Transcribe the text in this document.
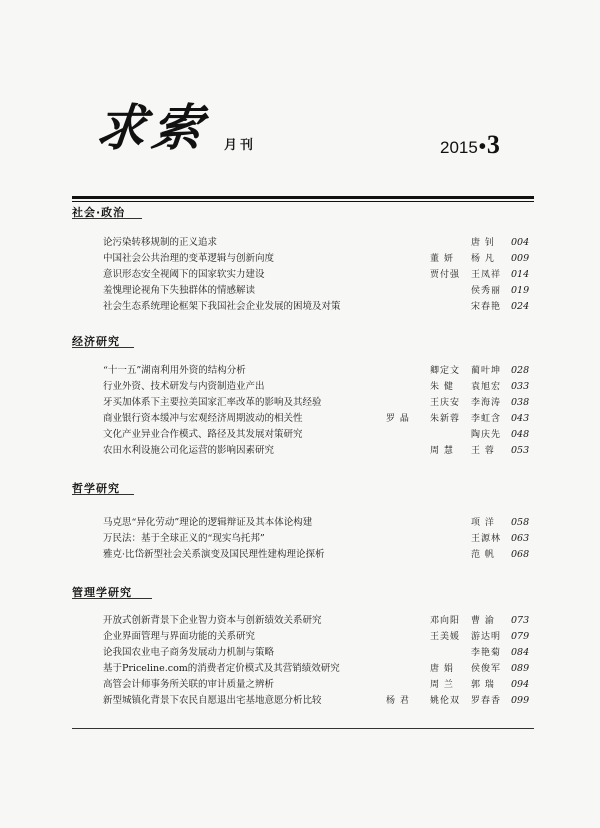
求索 月刊	2015•3
社会·政治
论污染转移规制的正义追求	唐 钊 004
中国社会公共治理的变革逻辑与创新向度	董 妍 杨 凡 009
意识形态安全视阈下的国家软实力建设	贾付强 王凤祥 014
羞愧理论视角下失独群体的情感解读	侯秀丽 019
社会生态系统理论框架下我国社会企业发展的困境及对策	宋春艳 024
经济研究
“十一五”湖南利用外资的结构分析	卿定文 蔺叶坤 028
行业外资、技术研发与内资制造业产出	朱 健 袁旭宏 033
牙买加体系下主要拉美国家汇率改革的影响及其经验	王庆安 李海涛 038
商业银行资本缓冲与宏观经济周期波动的相关性	罗 晶 朱新蓉 李虹含 043
文化产业异业合作模式、路径及其发展对策研究	陶庆先 048
农田水利设施公司化运营的影响因素研究	周 慧 王 蓉 053
哲学研究
马克思“异化劳动”理论的逻辑辩证及其本体论构建	项 洋 058
万民法：基于全球正义的“现实乌托邦”	王源林 063
雅克·比岱新型社会关系演变及国民理性建构理论探析	范 帆 068
管理学研究
开放式创新背景下企业智力资本与创新绩效关系研究	邓向阳 曹 渝 073
企业界面管理与界面功能的关系研究	王美媛 游达明 079
论我国农业电子商务发展动力机制与策略	李艳菊 084
基于Priceline.com的消费者定价模式及其营销绩效研究	唐 娟 侯俊军 089
高管会计师事务所关联的审计质量之辨析	周 兰 郭 瑞 094
新型城镇化背景下农民自愿退出宅基地意愿分析比较	杨 君 姚伦双 罗春香 099
